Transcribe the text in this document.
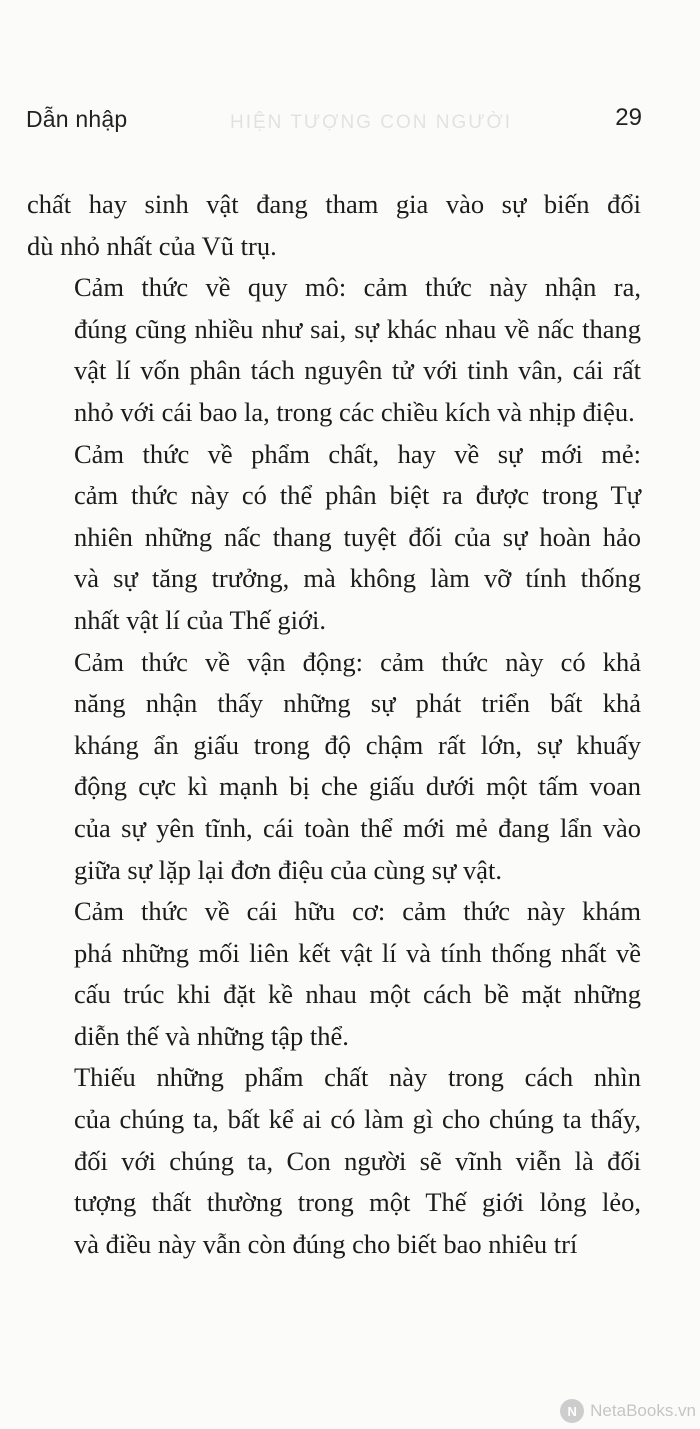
HIỆN TƯỢNG CON NGƯỜI
Dẫn nhập	29

chất hay sinh vật đang tham gia vào sự biến đổi
dù nhỏ nhất của Vũ trụ.

Cảm thức về quy mô: cảm thức này nhận ra,
đúng cũng nhiều như sai, sự khác nhau về nấc thang
vật lí vốn phân tách nguyên tử với tinh vân, cái rất
nhỏ với cái bao la, trong các chiều kích và nhịp điệu.

Cảm thức về phẩm chất, hay về sự mới mẻ:
cảm thức này có thể phân biệt ra được trong Tự
nhiên những nấc thang tuyệt đối của sự hoàn hảo
và sự tăng trưởng, mà không làm vỡ tính thống
nhất vật lí của Thế giới.

Cảm thức về vận động: cảm thức này có khả
năng nhận thấy những sự phát triển bất khả
kháng ẩn giấu trong độ chậm rất lớn, sự khuấy
động cực kì mạnh bị che giấu dưới một tấm voan
của sự yên tĩnh, cái toàn thể mới mẻ đang lẩn vào
giữa sự lặp lại đơn điệu của cùng sự vật.

Cảm thức về cái hữu cơ: cảm thức này khám
phá những mối liên kết vật lí và tính thống nhất về
cấu trúc khi đặt kề nhau một cách bề mặt những
diễn thế và những tập thể.

Thiếu những phẩm chất này trong cách nhìn
của chúng ta, bất kể ai có làm gì cho chúng ta thấy,
đối với chúng ta, Con người sẽ vĩnh viễn là đối
tượng thất thường trong một Thế giới lỏng lẻo,
và điều này vẫn còn đúng cho biết bao nhiêu trí

N NetaBooks.vn
